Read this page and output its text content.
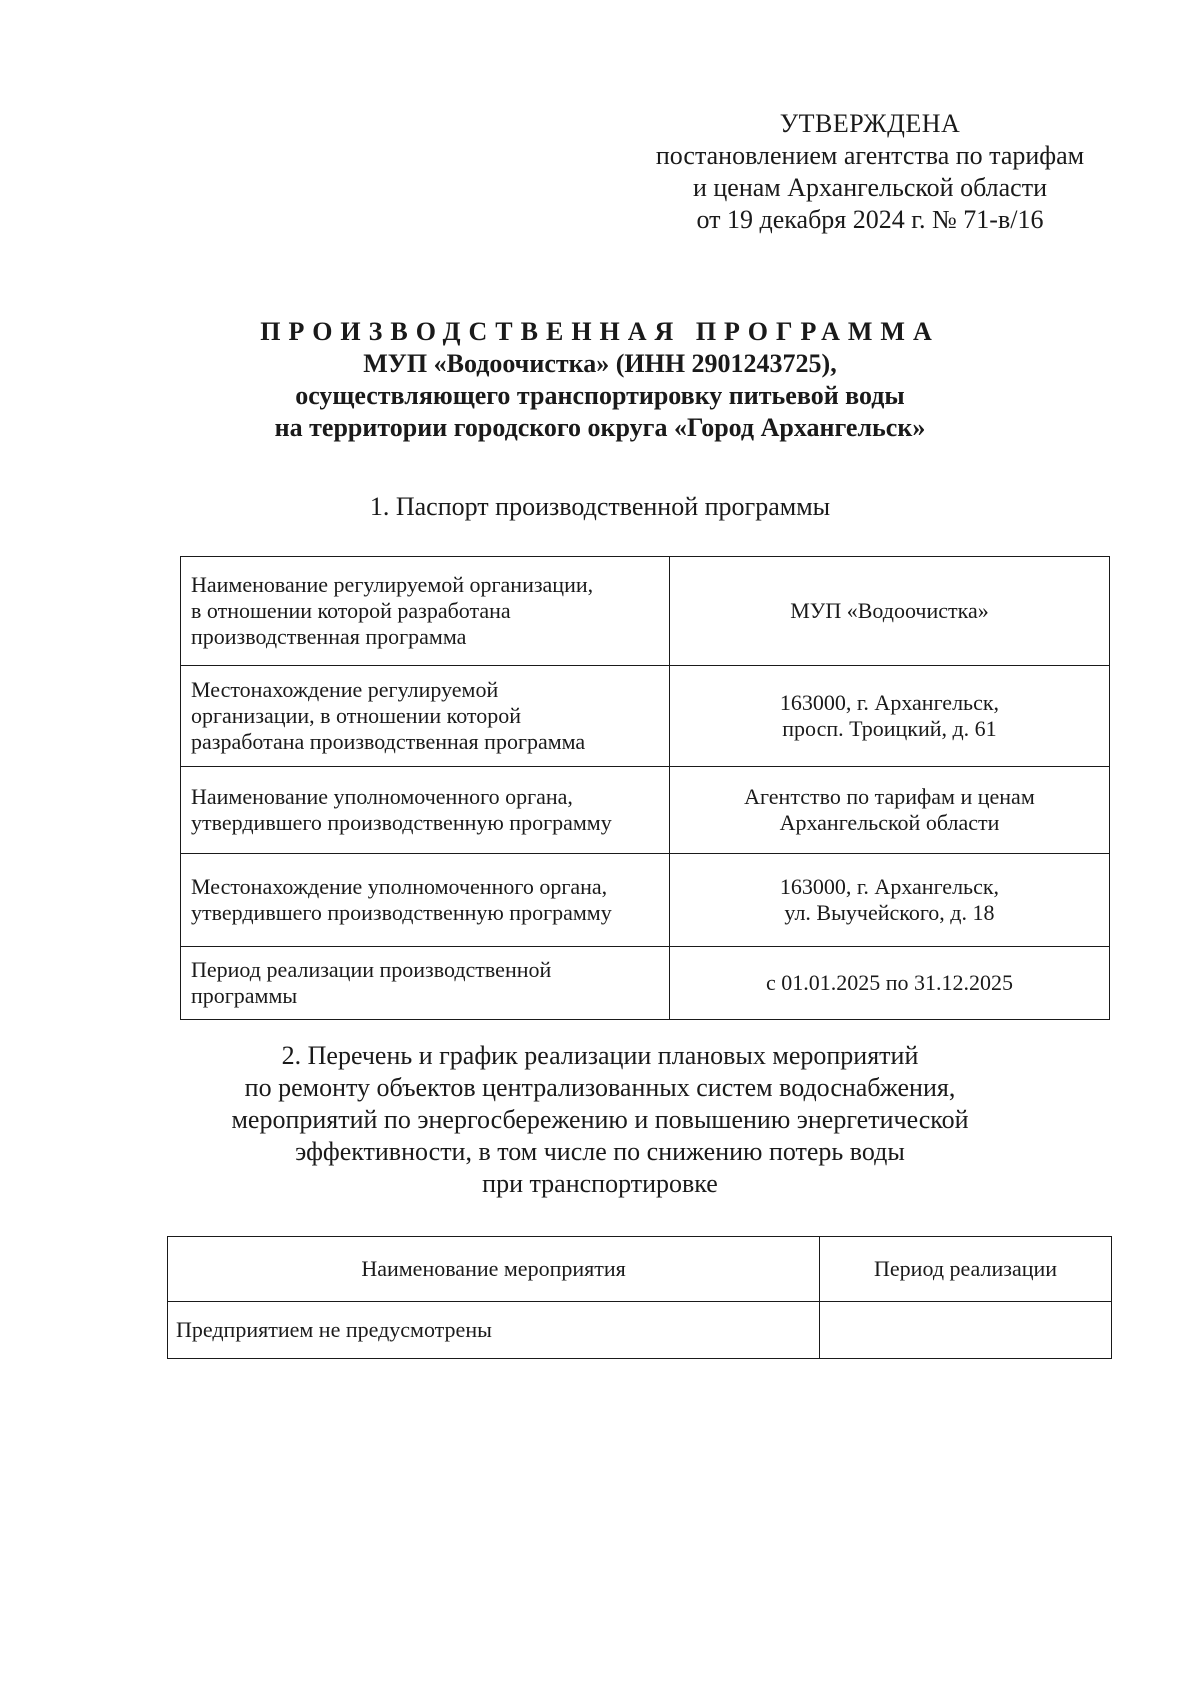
УТВЕРЖДЕНА
постановлением агентства по тарифам
и ценам Архангельской области
от 19 декабря 2024 г. № 71-в/16
ПРОИЗВОДСТВЕННАЯ ПРОГРАММА
МУП «Водоочистка» (ИНН 2901243725),
осуществляющего транспортировку питьевой воды
на территории городского округа «Город Архангельск»
1. Паспорт производственной программы
Наименование регулируемой организации,
в отношении которой разработана
производственная программа	МУП «Водоочистка»

Местонахождение регулируемой
организации, в отношении которой
разработана производственная программа	163000, г. Архангельск,
просп. Троицкий, д. 61

Наименование уполномоченного органа,
утвердившего производственную программу	Агентство по тарифам и ценам
Архангельской области

Местонахождение уполномоченного органа,
утвердившего производственную программу	163000, г. Архангельск,
ул. Выучейского, д. 18

Период реализации производственной
программы	с 01.01.2025 по 31.12.2025
2. Перечень и график реализации плановых мероприятий
по ремонту объектов централизованных систем водоснабжения,
мероприятий по энергосбережению и повышению энергетической
эффективности, в том числе по снижению потерь воды
при транспортировке
Наименование мероприятия	Период реализации
Предприятием не предусмотрены	
